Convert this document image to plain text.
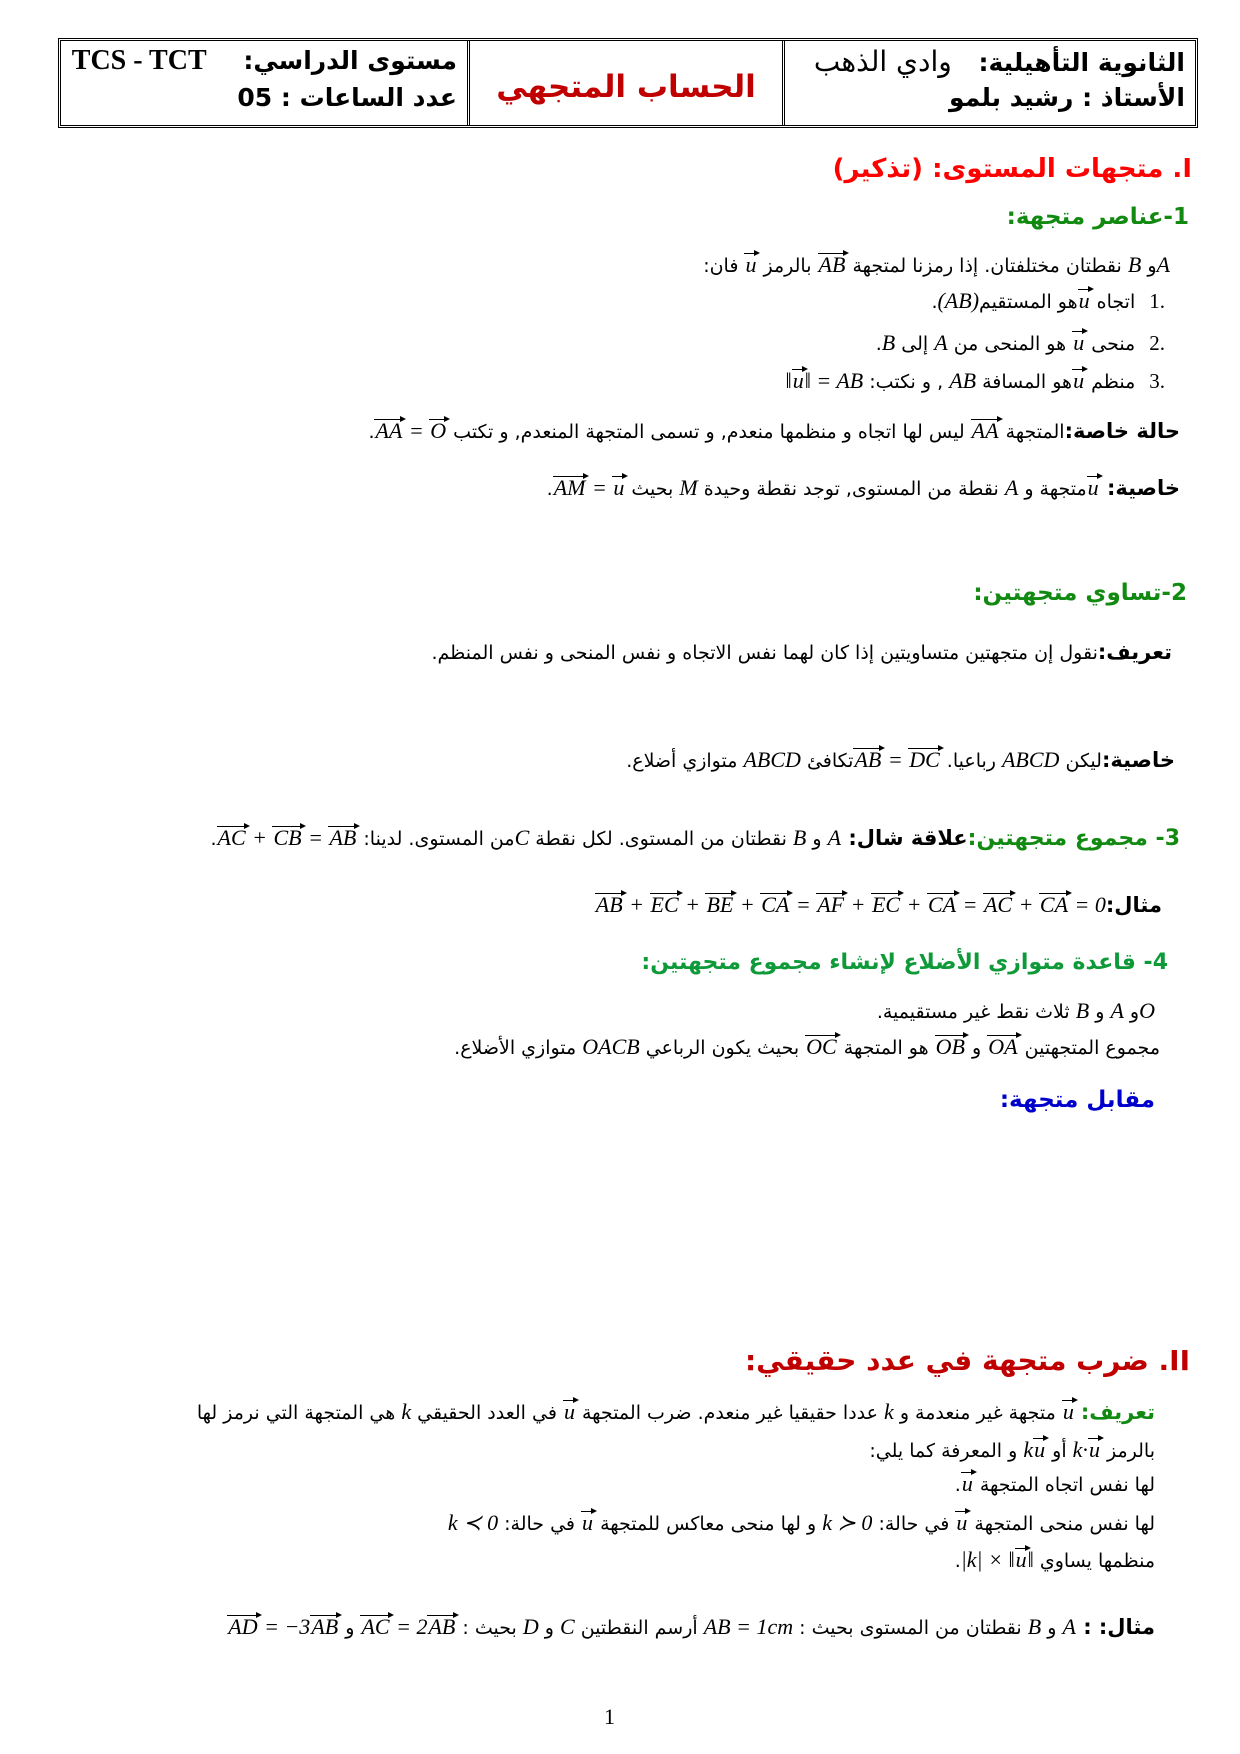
الثانوية التأهيلية: وادي الذهب
الأستاذ : رشيد بلمو
الحساب المتجهي
مستوى الدراسي: TCS - TCT
عدد الساعات : 05
I. متجهات المستوى: (تذكير)
1-عناصر متجهة:
Aو B نقطتان مختلفتان. إذا رمزنا لمتجهة AB بالرمز u فان:
1.اتجاه uهو المستقيم(AB).
2.منحى u هو المنحى من A إلى B.
3.منظم uهو المسافة AB , و نكتب: ‖u‖ = AB
حالة خاصة:المتجهة AA ليس لها اتجاه و منظمها منعدم, و تسمى المتجهة المنعدم, و تكتب AA = O.
خاصية: uمتجهة و A نقطة من المستوى, توجد نقطة وحيدة M بحيث AM = u.
2-تساوي متجهتين:
تعريف:نقول إن متجهتين متساويتين إذا كان لهما نفس الاتجاه و نفس المنحى و نفس المنظم.
خاصية:ليكن ABCD رباعيا. AB = DCتكافئ ABCD متوازي أضلاع.
3- مجموع متجهتين:علاقة شال: A و B نقطتان من المستوى. لكل نقطة Cمن المستوى. لدينا: AC + CB = AB.
مثال:AB + EC + BE + CA = AF + EC + CA = AC + CA = 0
4- قاعدة متوازي الأضلاع لإنشاء مجموع متجهتين:
Oو A و B ثلاث نقط غير مستقيمية.
مجموع المتجهتين OA و OB هو المتجهة OC بحيث يكون الرباعي OACB متوازي الأضلاع.
مقابل متجهة:
II. ضرب متجهة في عدد حقيقي:
تعريف: u متجهة غير منعدمة و k عددا حقيقيا غير منعدم. ضرب المتجهة u في العدد الحقيقي k هي المتجهة التي نرمز لها
بالرمز k·u أو ku و المعرفة كما يلي:
لها نفس اتجاه المتجهة u.
لها نفس منحى المتجهة u في حالة: k ≻ 0 و لها منحى معاكس للمتجهة u في حالة: k ≺ 0
منظمها يساوي |k| × ‖u‖.
مثال: : A و B نقطتان من المستوى بحيث : AB = 1cm أرسم النقطتين C و D بحيث : AC = 2AB و AD = −3AB
1
